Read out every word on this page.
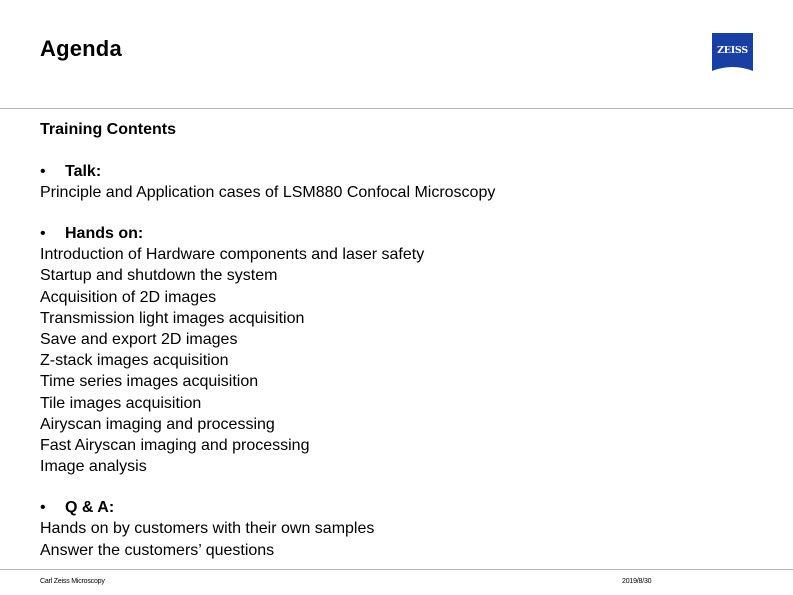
Agenda	ZEISS
Training Contents
• Talk:
Principle and Application cases of LSM880 Confocal Microscopy
• Hands on:
Introduction of Hardware components and laser safety
Startup and shutdown the system
Acquisition of 2D images
Transmission light images acquisition
Save and export 2D images
Z-stack images acquisition
Time series images acquisition
Tile images acquisition
Airyscan imaging and processing
Fast Airyscan imaging and processing
Image analysis
• Q & A:
Hands on by customers with their own samples
Answer the customers’ questions
Carl Zeiss Microscopy	2019/8/30
